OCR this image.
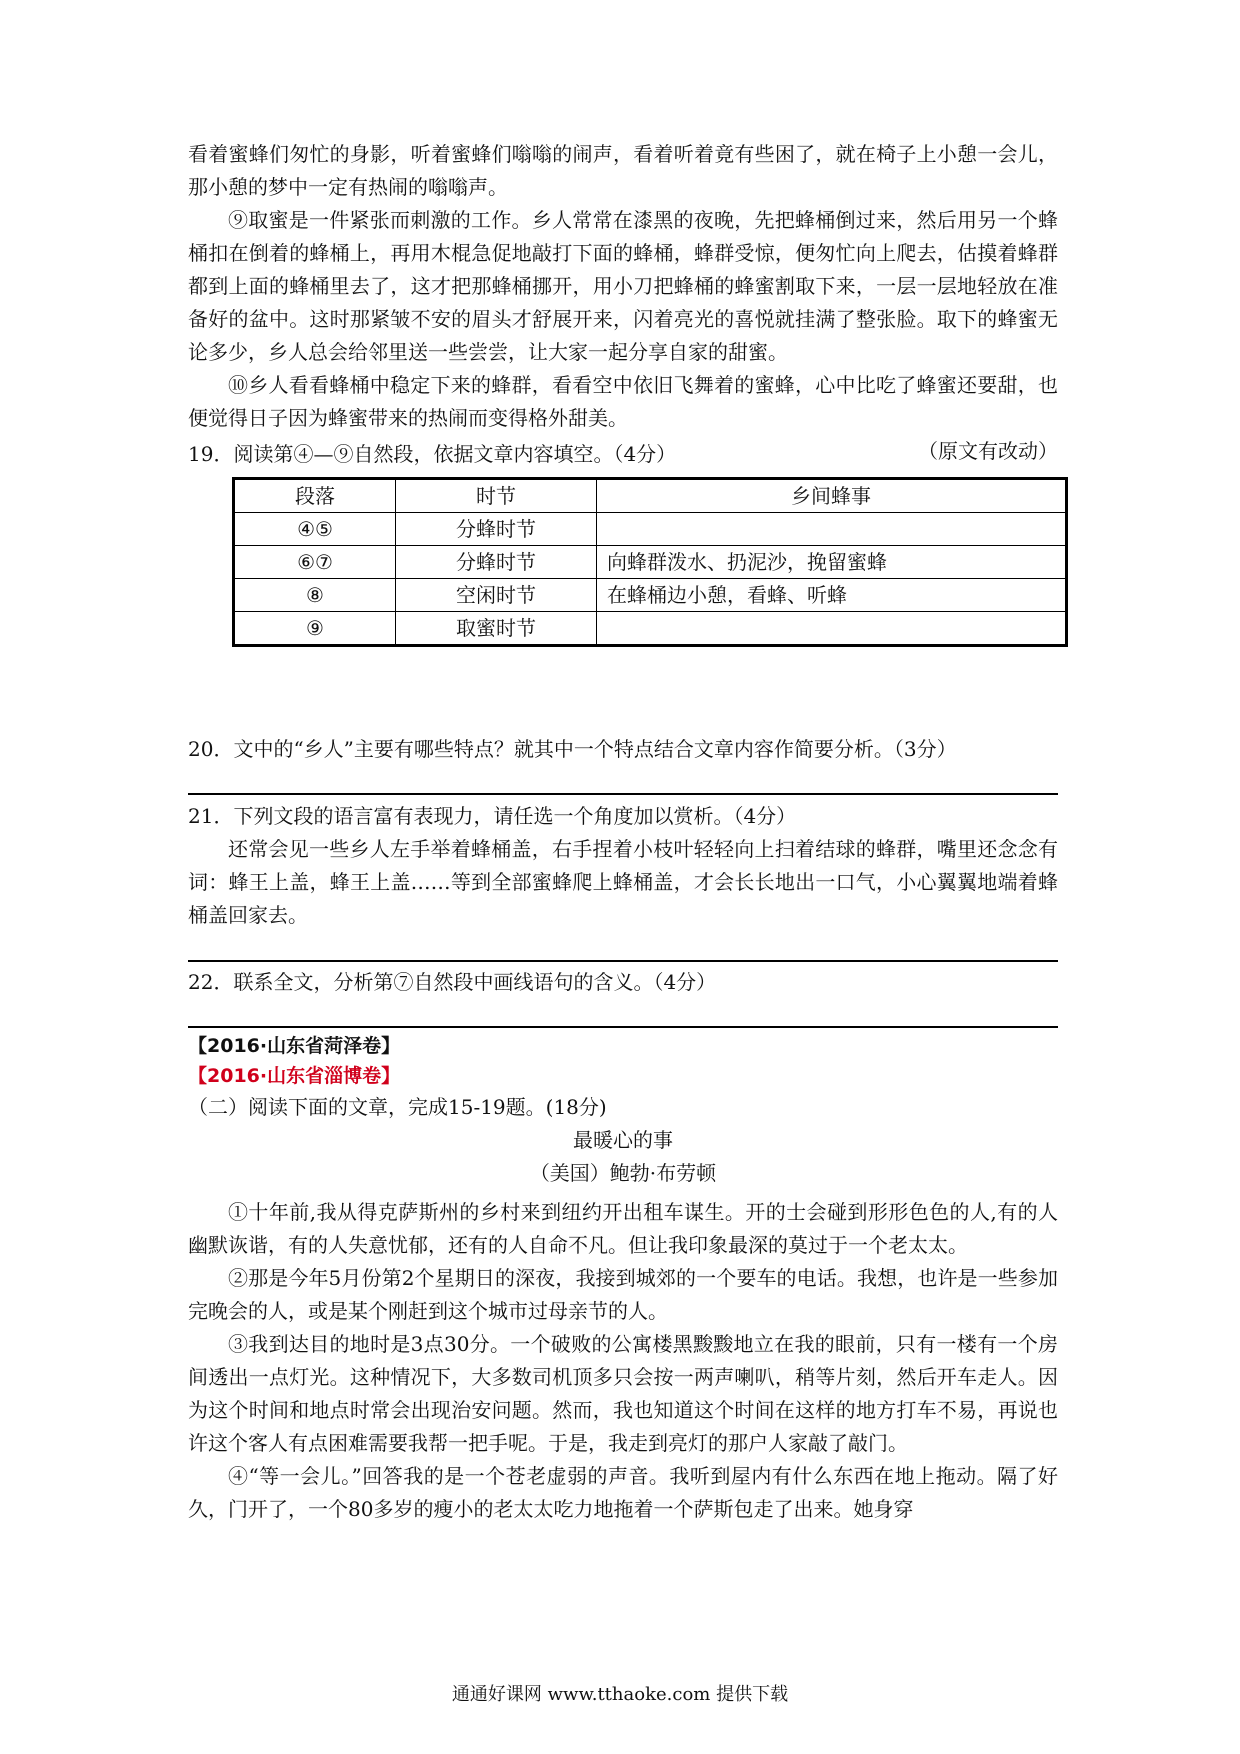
看着蜜蜂们匆忙的身影，听着蜜蜂们嗡嗡的闹声，看着听着竟有些困了，就在椅子上小憩一会儿，那小憩的梦中一定有热闹的嗡嗡声。

⑨取蜜是一件紧张而刺激的工作。乡人常常在漆黑的夜晚，先把蜂桶倒过来，然后用另一个蜂桶扣在倒着的蜂桶上，再用木棍急促地敲打下面的蜂桶，蜂群受惊，便匆忙向上爬去，估摸着蜂群都到上面的蜂桶里去了，这才把那蜂桶挪开，用小刀把蜂桶的蜂蜜割取下来，一层一层地轻放在准备好的盆中。这时那紧皱不安的眉头才舒展开来，闪着亮光的喜悦就挂满了整张脸。取下的蜂蜜无论多少，乡人总会给邻里送一些尝尝，让大家一起分享自家的甜蜜。

⑩乡人看看蜂桶中稳定下来的蜂群，看看空中依旧飞舞着的蜜蜂，心中比吃了蜂蜜还要甜，也便觉得日子因为蜂蜜带来的热闹而变得格外甜美。

（原文有改动）

19．阅读第④—⑨自然段，依据文章内容填空。（4分）

段落	时节	乡间蜂事
④⑤	分蜂时节	
⑥⑦	分蜂时节	向蜂群泼水、扔泥沙，挽留蜜蜂
⑧	空闲时节	在蜂桶边小憩，看蜂、听蜂
⑨	取蜜时节	

20．文中的“乡人”主要有哪些特点？就其中一个特点结合文章内容作简要分析。（3分）

21．下列文段的语言富有表现力，请任选一个角度加以赏析。（4分）

还常会见一些乡人左手举着蜂桶盖，右手捏着小枝叶轻轻向上扫着结球的蜂群，嘴里还念念有词：蜂王上盖，蜂王上盖……等到全部蜜蜂爬上蜂桶盖，才会长长地出一口气，小心翼翼地端着蜂桶盖回家去。

22．联系全文，分析第⑦自然段中画线语句的含义。（4分）

【2016·山东省菏泽卷】

【2016·山东省淄博卷】

（二）阅读下面的文章，完成15-19题。(18分)

最暖心的事

（美国）鲍勃·布劳顿

①十年前,我从得克萨斯州的乡村来到纽约开出租车谋生。开的士会碰到形形色色的人,有的人幽默诙谐，有的人失意忧郁，还有的人自命不凡。但让我印象最深的莫过于一个老太太。

②那是今年5月份第2个星期日的深夜，我接到城郊的一个要车的电话。我想，也许是一些参加完晚会的人，或是某个刚赶到这个城市过母亲节的人。

③我到达目的地时是3点30分。一个破败的公寓楼黑黢黢地立在我的眼前，只有一楼有一个房间透出一点灯光。这种情况下，大多数司机顶多只会按一两声喇叭，稍等片刻，然后开车走人。因为这个时间和地点时常会出现治安问题。然而，我也知道这个时间在这样的地方打车不易，再说也许这个客人有点困难需要我帮一把手呢。于是，我走到亮灯的那户人家敲了敲门。

④“等一会儿。”回答我的是一个苍老虚弱的声音。我听到屋内有什么东西在地上拖动。隔了好久，门开了，一个80多岁的瘦小的老太太吃力地拖着一个萨斯包走了出来。她身穿

通通好课网 www.tthaoke.com 提供下载
